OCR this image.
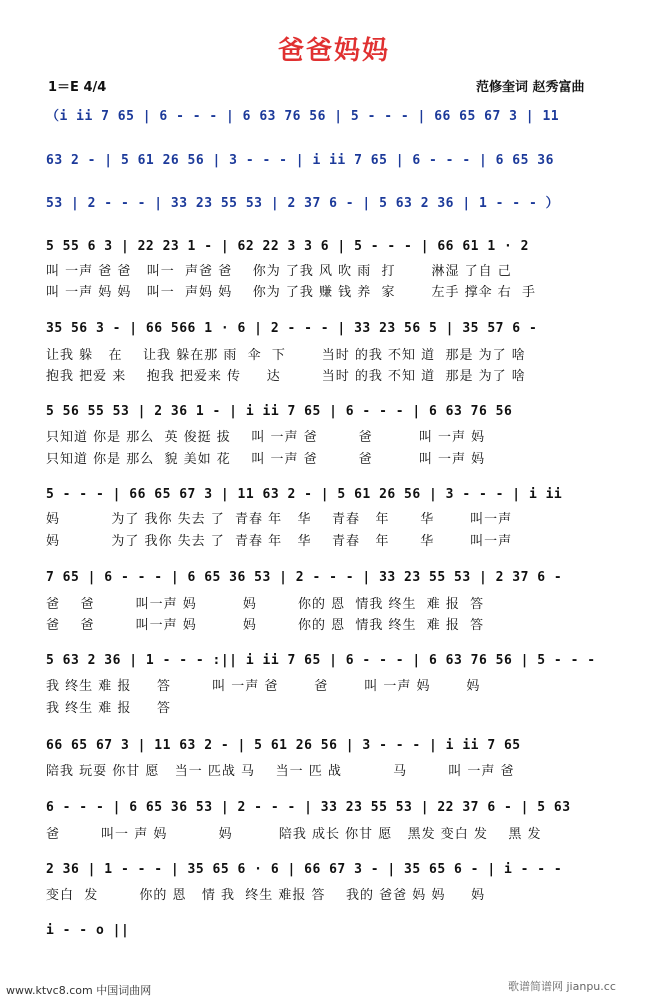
爸爸妈妈
1＝E 4/4	范修奎词 赵秀富曲
（i ii 7 65 | 6 - - - | 6 63 76 56 | 5 - - - | 66 65 67 3 | 11
63 2 - | 5 61 26 56 | 3 - - - | i ii 7 65 | 6 - - - | 6 65 36
53 | 2 - - - | 33 23 55 53 | 2 37 6 - | 5 63 2 36 | 1 - - - ）
5 55 6 3 | 22 23 1 - | 62 22 3 3 6 | 5 - - - | 66 61 1 · 2
叫 一声 爸 爸   叫一  声爸 爸    你为 了我 风 吹 雨  打       淋湿 了自 己
叫 一声 妈 妈   叫一  声妈 妈    你为 了我 赚 钱 养  家       左手 撑伞 右  手
35 56 3 - | 66 566 1 · 6 | 2 - - - | 33 23 56 5 | 35 57 6 -
让我 躲   在    让我 躲在那 雨  伞  下       当时 的我 不知 道  那是 为了 啥
抱我 把爱 来    抱我 把爱来 传     达        当时 的我 不知 道  那是 为了 啥
5 56 55 53 | 2 36 1 - | i ii 7 65 | 6 - - - | 6 63 76 56
只知道 你是 那么  英 俊挺 拔    叫 一声 爸        爸         叫 一声 妈
只知道 你是 那么  貌 美如 花    叫 一声 爸        爸         叫 一声 妈
5 - - - | 66 65 67 3 | 11 63 2 - | 5 61 26 56 | 3 - - - | i ii
妈          为了 我你 失去 了  青春 年   华    青春   年      华       叫一声
妈          为了 我你 失去 了  青春 年   华    青春   年      华       叫一声
7 65 | 6 - - - | 6 65 36 53 | 2 - - - | 33 23 55 53 | 2 37 6 -
爸    爸        叫一声 妈         妈        你的 恩  情我 终生  难 报  答
爸    爸        叫一声 妈         妈        你的 恩  情我 终生  难 报  答
5 63 2 36 | 1 - - - :|| i ii 7 65 | 6 - - - | 6 63 76 56 | 5 - - -
我 终生 难 报     答        叫 一声 爸       爸       叫 一声 妈       妈
我 终生 难 报     答
66 65 67 3 | 11 63 2 - | 5 61 26 56 | 3 - - - | i ii 7 65
陪我 玩耍 你甘 愿   当一 匹战 马    当一 匹 战          马        叫 一声 爸
6 - - - | 6 65 36 53 | 2 - - - | 33 23 55 53 | 22 37 6 - | 5 63
爸        叫一 声 妈          妈         陪我 成长 你甘 愿   黑发 变白 发    黑 发
2 36 | 1 - - - | 35 65 6 · 6 | 66 67 3 - | 35 65 6 - | i - - -
变白  发        你的 恩   情 我  终生 难报 答    我的 爸爸 妈 妈     妈
i - - o ||
www.ktvc8.com 中国词曲网	歌谱简谱网 jianpu.cc
